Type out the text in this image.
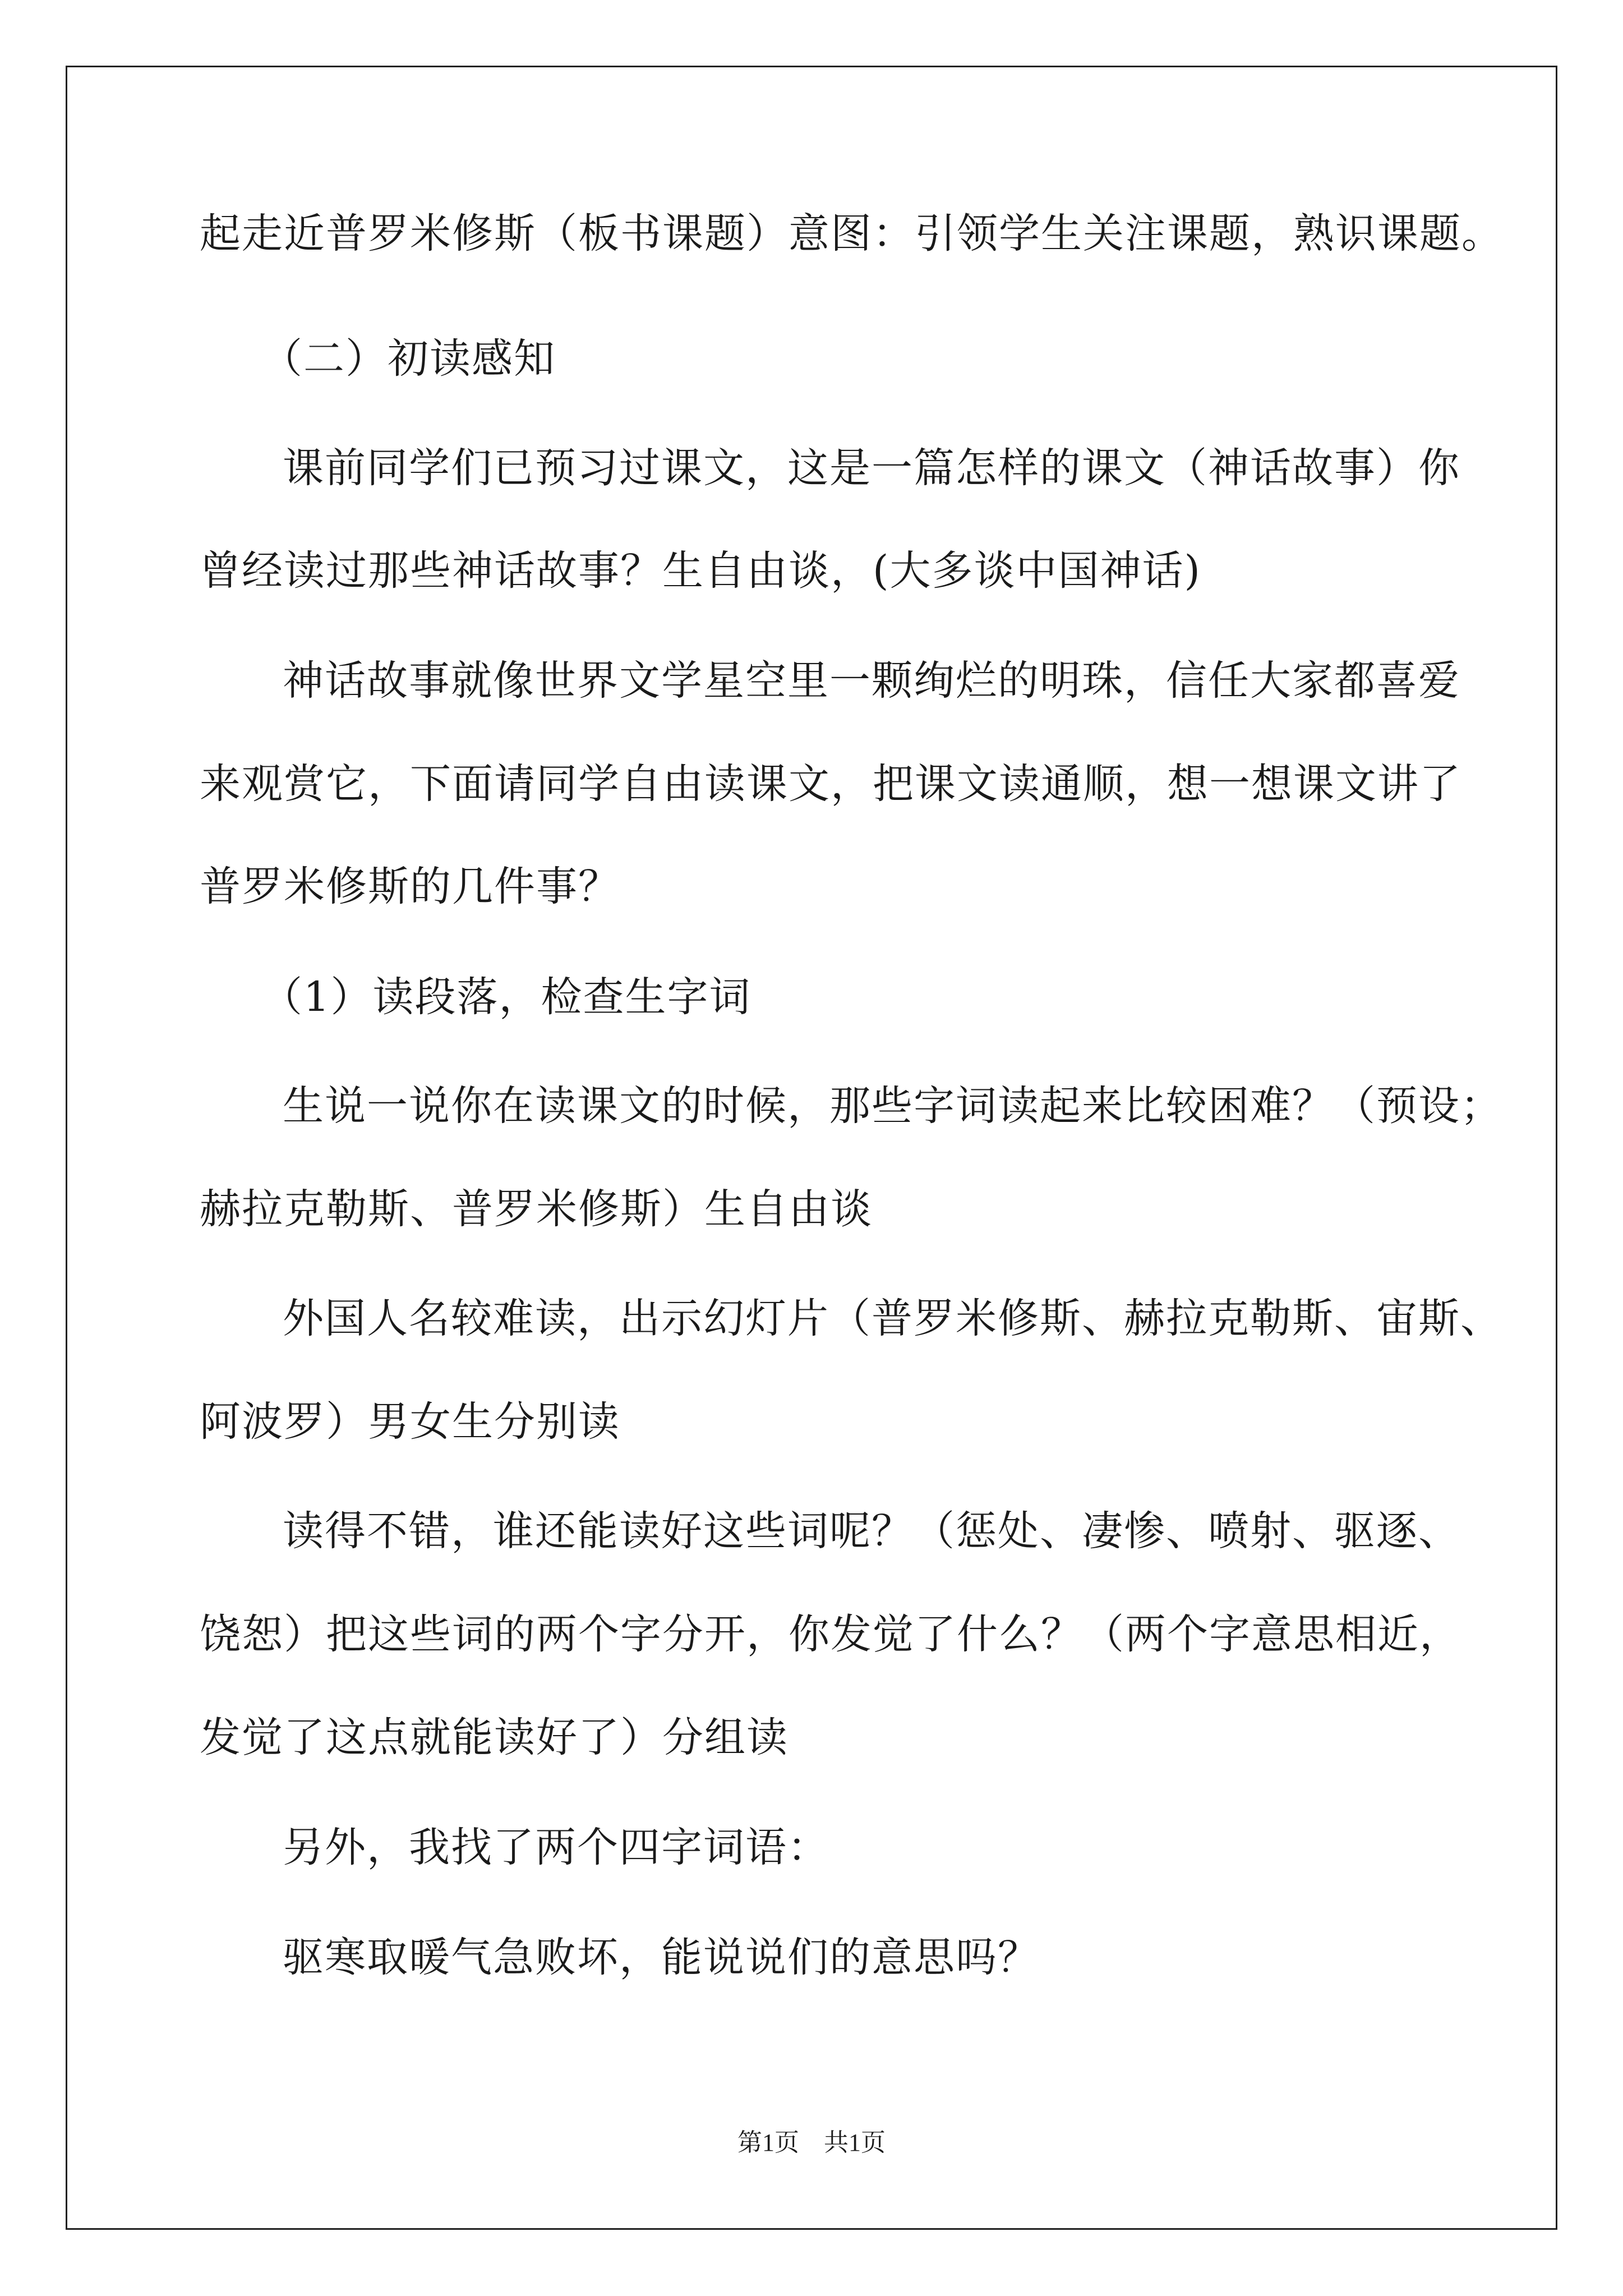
起走近普罗米修斯（板书课题）意图：引领学生关注课题，熟识课题。
（二）初读感知
课前同学们已预习过课文，这是一篇怎样的课文（神话故事）你
曾经读过那些神话故事？生自由谈，(大多谈中国神话)
神话故事就像世界文学星空里一颗绚烂的明珠，信任大家都喜爱
来观赏它，下面请同学自由读课文，把课文读通顺，想一想课文讲了
普罗米修斯的几件事？
（1）读段落，检查生字词
生说一说你在读课文的时候，那些字词读起来比较困难？（预设；
赫拉克勒斯、普罗米修斯）生自由谈
外国人名较难读，出示幻灯片（普罗米修斯、赫拉克勒斯、宙斯、
阿波罗）男女生分别读
读得不错，谁还能读好这些词呢？（惩处、凄惨、喷射、驱逐、
饶恕）把这些词的两个字分开，你发觉了什么？（两个字意思相近，
发觉了这点就能读好了）分组读
另外，我找了两个四字词语：
驱寒取暖气急败坏，能说说们的意思吗？
第1页　共1页
